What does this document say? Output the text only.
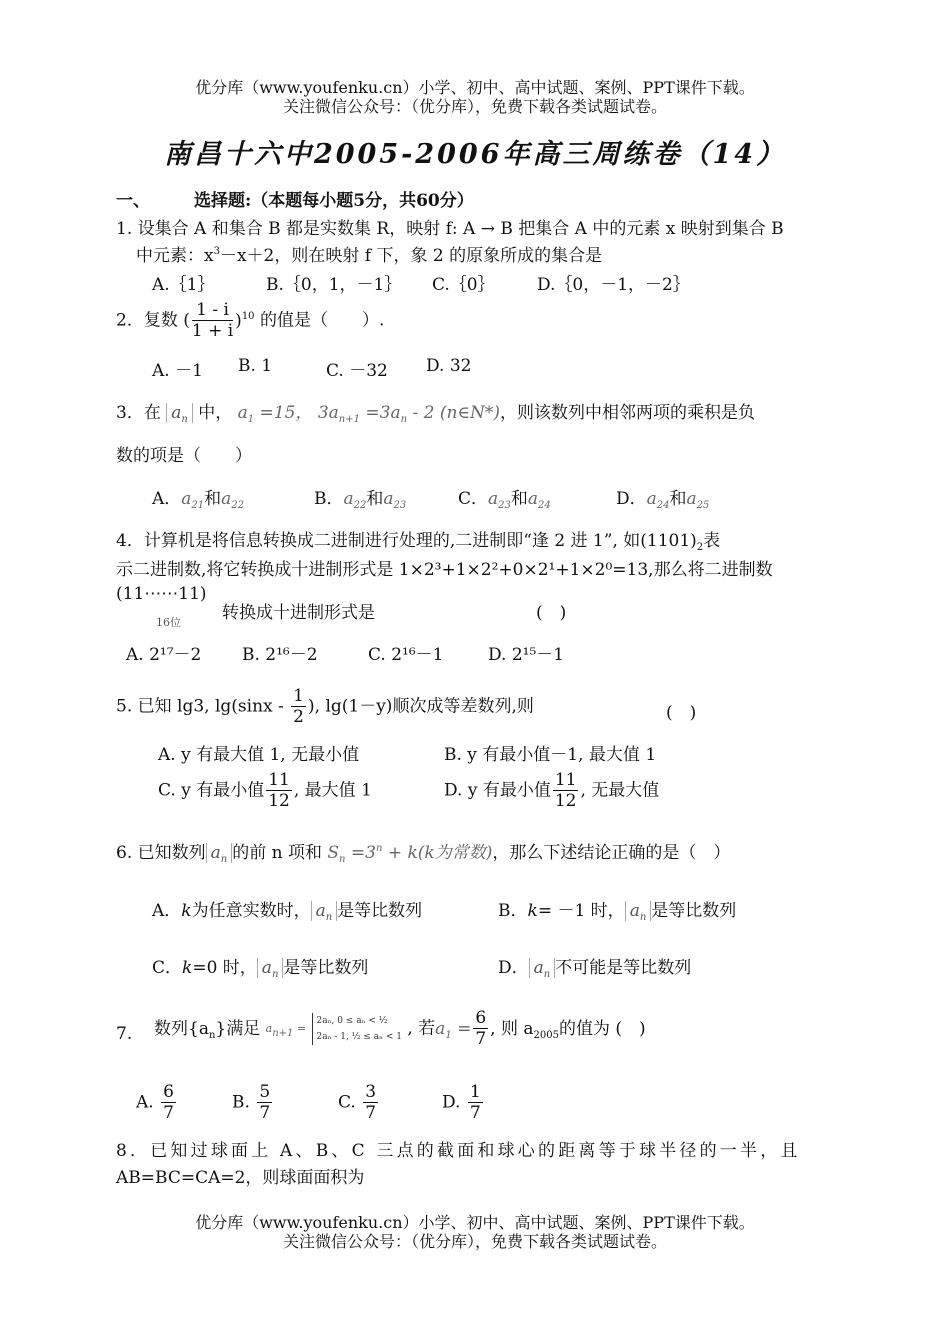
优分库（www.youfenku.cn）小学、初中、高中试题、案例、PPT课件下载。
关注微信公众号：（优分库），免费下载各类试题试卷。
南昌十六中2005-2006年高三周练卷（14）
一、	选择题:（本题每小题5分，共60分）
1. 设集合 A 和集合 B 都是实数集 R，映射 f: A → B 把集合 A 中的元素 x 映射到集合 B
中元素：$x^3-x+2$，则在映射 f 下，象 2 的原象所成的集合是
A.｛1｝	B.｛0，1，－1｝ C.｛0｝ D.｛0，－1，－2｝
2．复数 ( $\frac{1 - i}{1 + i} )^{10}$ 的值是（　　）.
A. －1 B. 1	C. －32 D. 32
3．在 $a_n$ 中， $a_1 =15$， $3a_{n+1} =3a_n - 2$ (n∈N*)，则该数列中相邻两项的乘积是负
数的项是（　　）
A．$a_{21}$和$a_{22}$	B．$a_{22}$和$a_{23}$	C．$a_{23}$和$a_{24}$	D．$a_{24}$和$a_{25}$
4．计算机是将信息转换成二进制进行处理的,二进制即“逢 2 进 1”, 如$(1101)_2$表
示二进制数,将它转换成十进制形式是 1×2³+1×2²+0×2¹+1×2⁰=13,那么将二进制数
(11⋯⋯11)
16位 转换成十进制形式是	(　)
A. 2¹⁷－2 B. 2¹⁶－2	C. 2¹⁶－1	D. 2¹⁵－1
5. 已知 lg3, $\lg(\sin x - \frac{1}{2}$ ), lg(1－y)顺次成等差数列,则	(　)
A. y 有最大值 1, 无最小值	B. y 有最小值－1, 最大值 1
C. y 有最小值 $\frac{11}{12}$ , 最大值 1	D. y 有最小值 $\frac{11}{12}$ , 无最大值
6. 已知数列 $a_n$ 的前 n 项和 $S_n =3^n + k(k$为常数)，那么下述结论正确的是（　）
A．k为任意实数时， $a_n$ 是等比数列	B．k= －1 时， $a_n$ 是等比数列
C．k=0 时， $a_n$ 是等比数列	D． $a_n$ 不可能是等比数列
7. 数列$\{a_n\}$满足 $a_{n+1}$ =
2aₙ, 0 ≤ aₙ < ½
2aₙ - 1, ½ ≤ aₙ < 1 , 若$a_1 = \frac{6}{7}$ , 则 $a_{2005}$的值为 (　)
A. $\frac{6}{7}$	B. $\frac{5}{7}$	C. $\frac{3}{7}$	D. $\frac{1}{7}$
8．已知过球面上 A、B、C 三点的截面和球心的距离等于球半径的一半，且
AB=BC=CA=2，则球面面积为
优分库（www.youfenku.cn）小学、初中、高中试题、案例、PPT课件下载。
关注微信公众号：（优分库），免费下载各类试题试卷。
